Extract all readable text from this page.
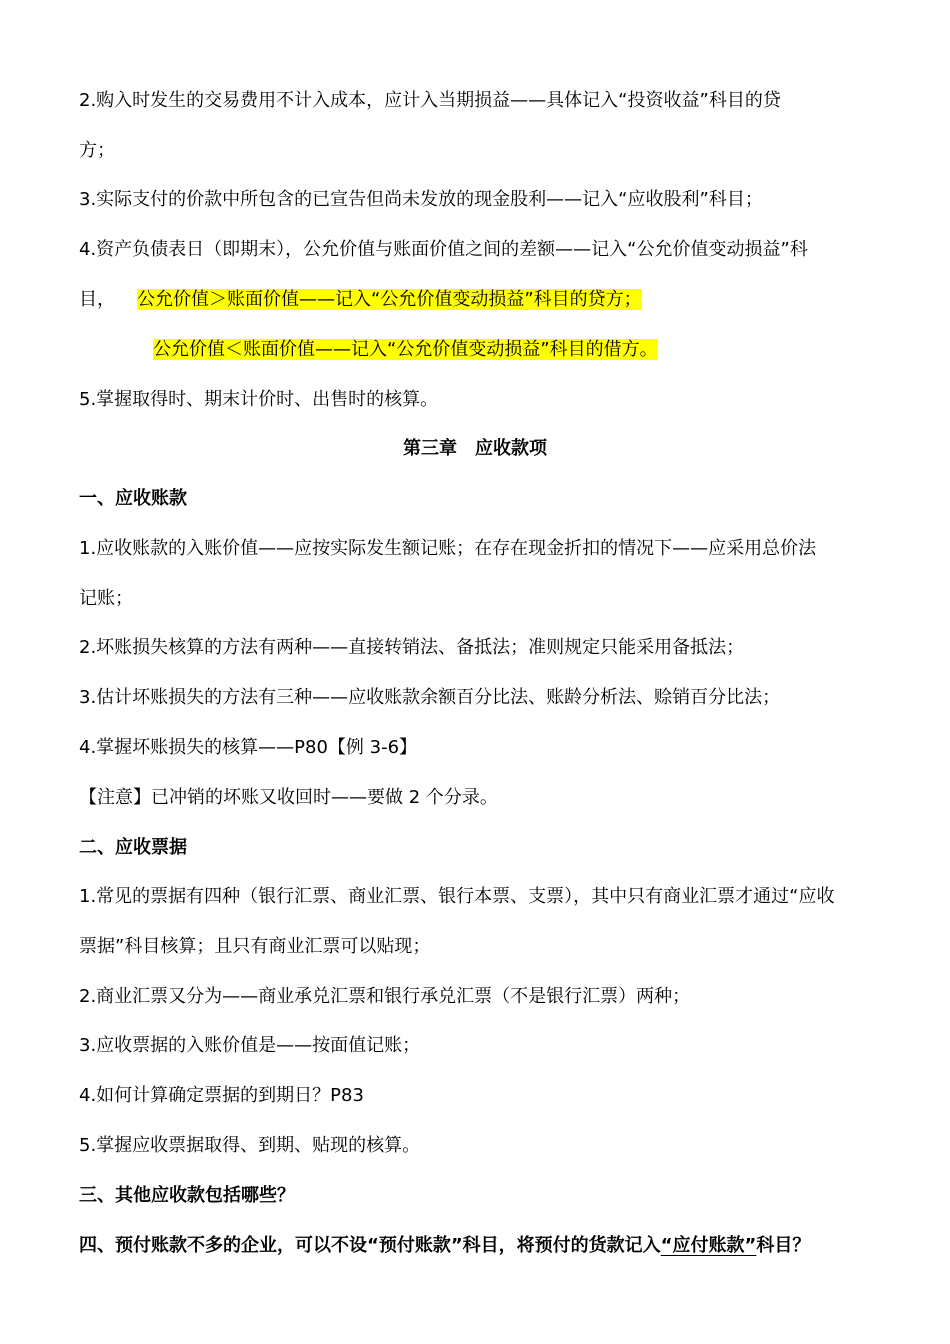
2.购入时发生的交易费用不计入成本，应计入当期损益——具体记入“投资收益”科目的贷
方；
3.实际支付的价款中所包含的已宣告但尚未发放的现金股利——记入“应收股利”科目；
4.资产负债表日（即期末），公允价值与账面价值之间的差额——记入“公允价值变动损益”科
目， 公允价值＞账面价值——记入“公允价值变动损益”科目的贷方；
公允价值＜账面价值——记入“公允价值变动损益”科目的借方。
5.掌握取得时、期末计价时、出售时的核算。
第三章　应收款项
一、应收账款
1.应收账款的入账价值——应按实际发生额记账；在存在现金折扣的情况下——应采用总价法
记账；
2.坏账损失核算的方法有两种——直接转销法、备抵法；准则规定只能采用备抵法；
3.估计坏账损失的方法有三种——应收账款余额百分比法、账龄分析法、赊销百分比法；
4.掌握坏账损失的核算——P80【例 3-6】
【注意】已冲销的坏账又收回时——要做 2 个分录。
二、应收票据
1.常见的票据有四种（银行汇票、商业汇票、银行本票、支票），其中只有商业汇票才通过“应收
票据”科目核算；且只有商业汇票可以贴现；
2.商业汇票又分为——商业承兑汇票和银行承兑汇票（不是银行汇票）两种；
3.应收票据的入账价值是——按面值记账；
4.如何计算确定票据的到期日？P83
5.掌握应收票据取得、到期、贴现的核算。
三、其他应收款包括哪些？
四、预付账款不多的企业，可以不设“预付账款”科目，将预付的货款记入“应付账款”科目？
